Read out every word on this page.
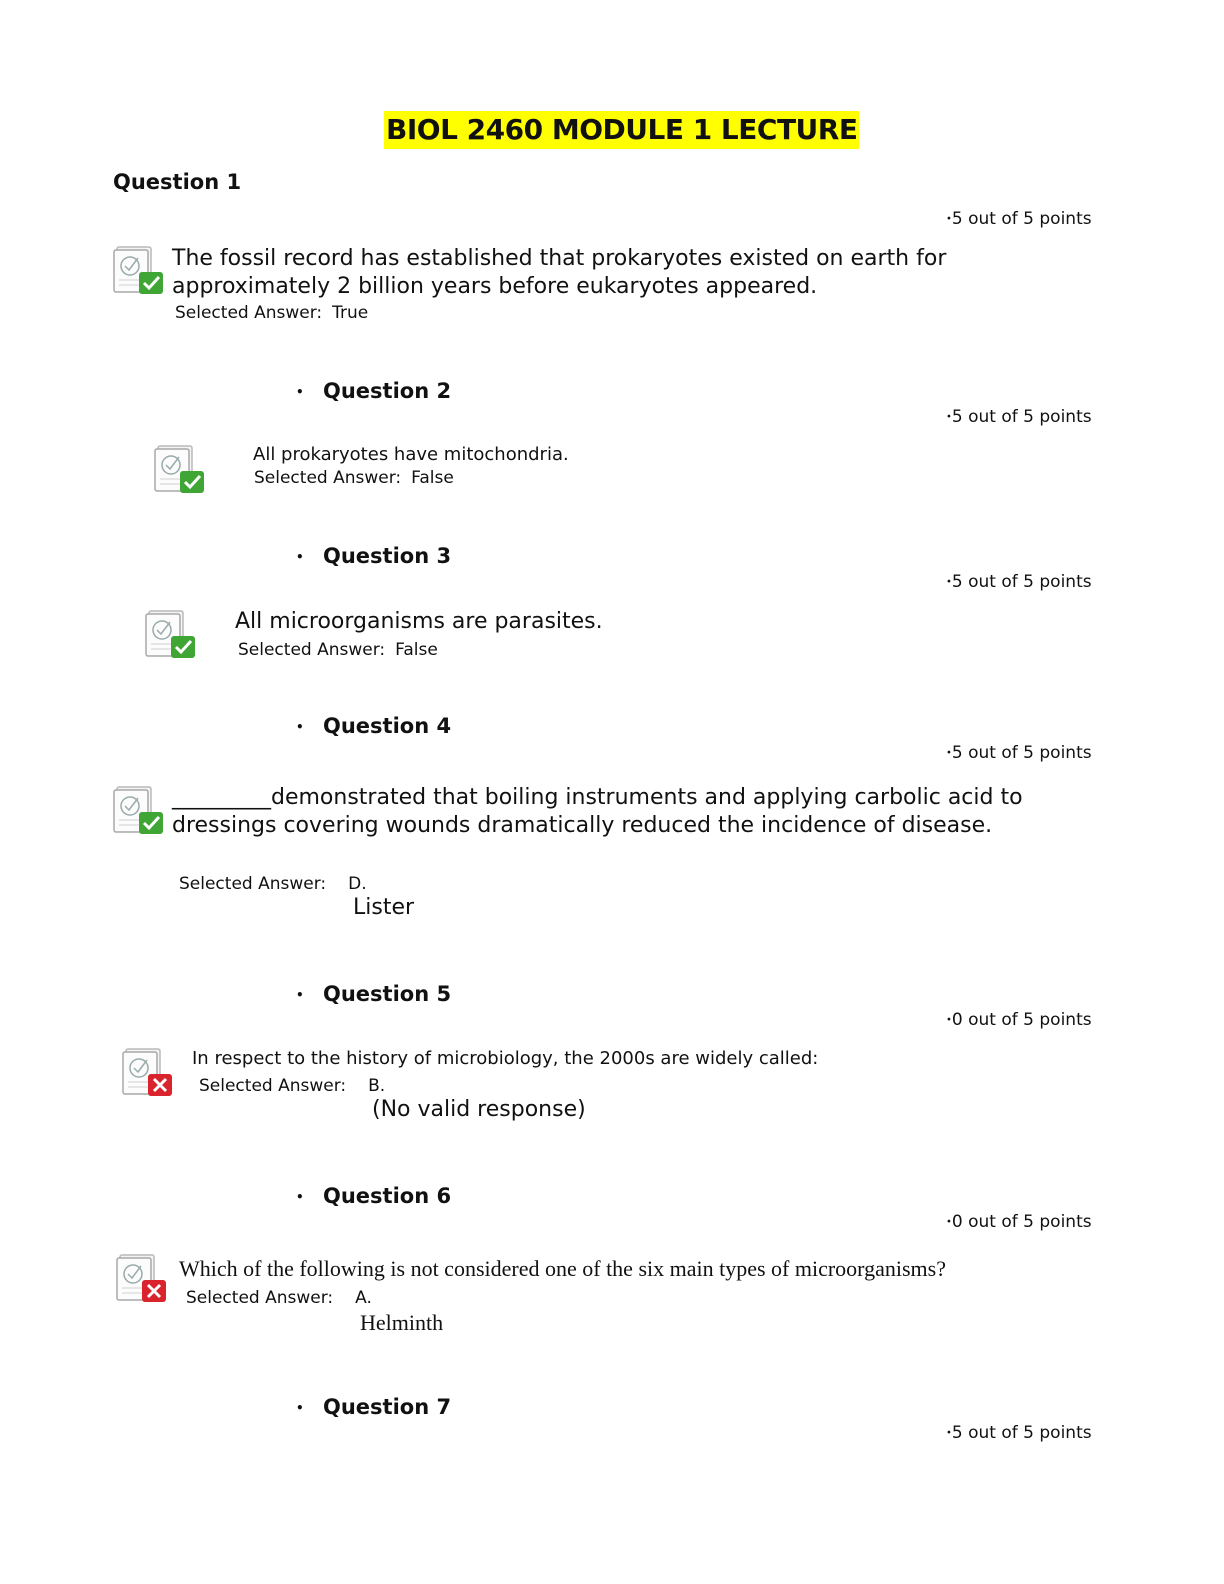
BIOL 2460 MODULE 1 LECTURE
Question 1
•5 out of 5 points
The fossil record has established that prokaryotes existed on earth for approximately 2 billion years before eukaryotes appeared.
Selected Answer: True
• Question 2
•5 out of 5 points
All prokaryotes have mitochondria.
Selected Answer: False
• Question 3
•5 out of 5 points
All microorganisms are parasites.
Selected Answer: False
• Question 4
•5 out of 5 points
_________demonstrated that boiling instruments and applying carbolic acid to dressings covering wounds dramatically reduced the incidence of disease.
Selected Answer: D.
Lister
• Question 5
•0 out of 5 points
In respect to the history of microbiology, the 2000s are widely called:
Selected Answer: B.
(No valid response)
• Question 6
•0 out of 5 points
Which of the following is not considered one of the six main types of microorganisms?
Selected Answer: A.
Helminth
• Question 7
•5 out of 5 points
